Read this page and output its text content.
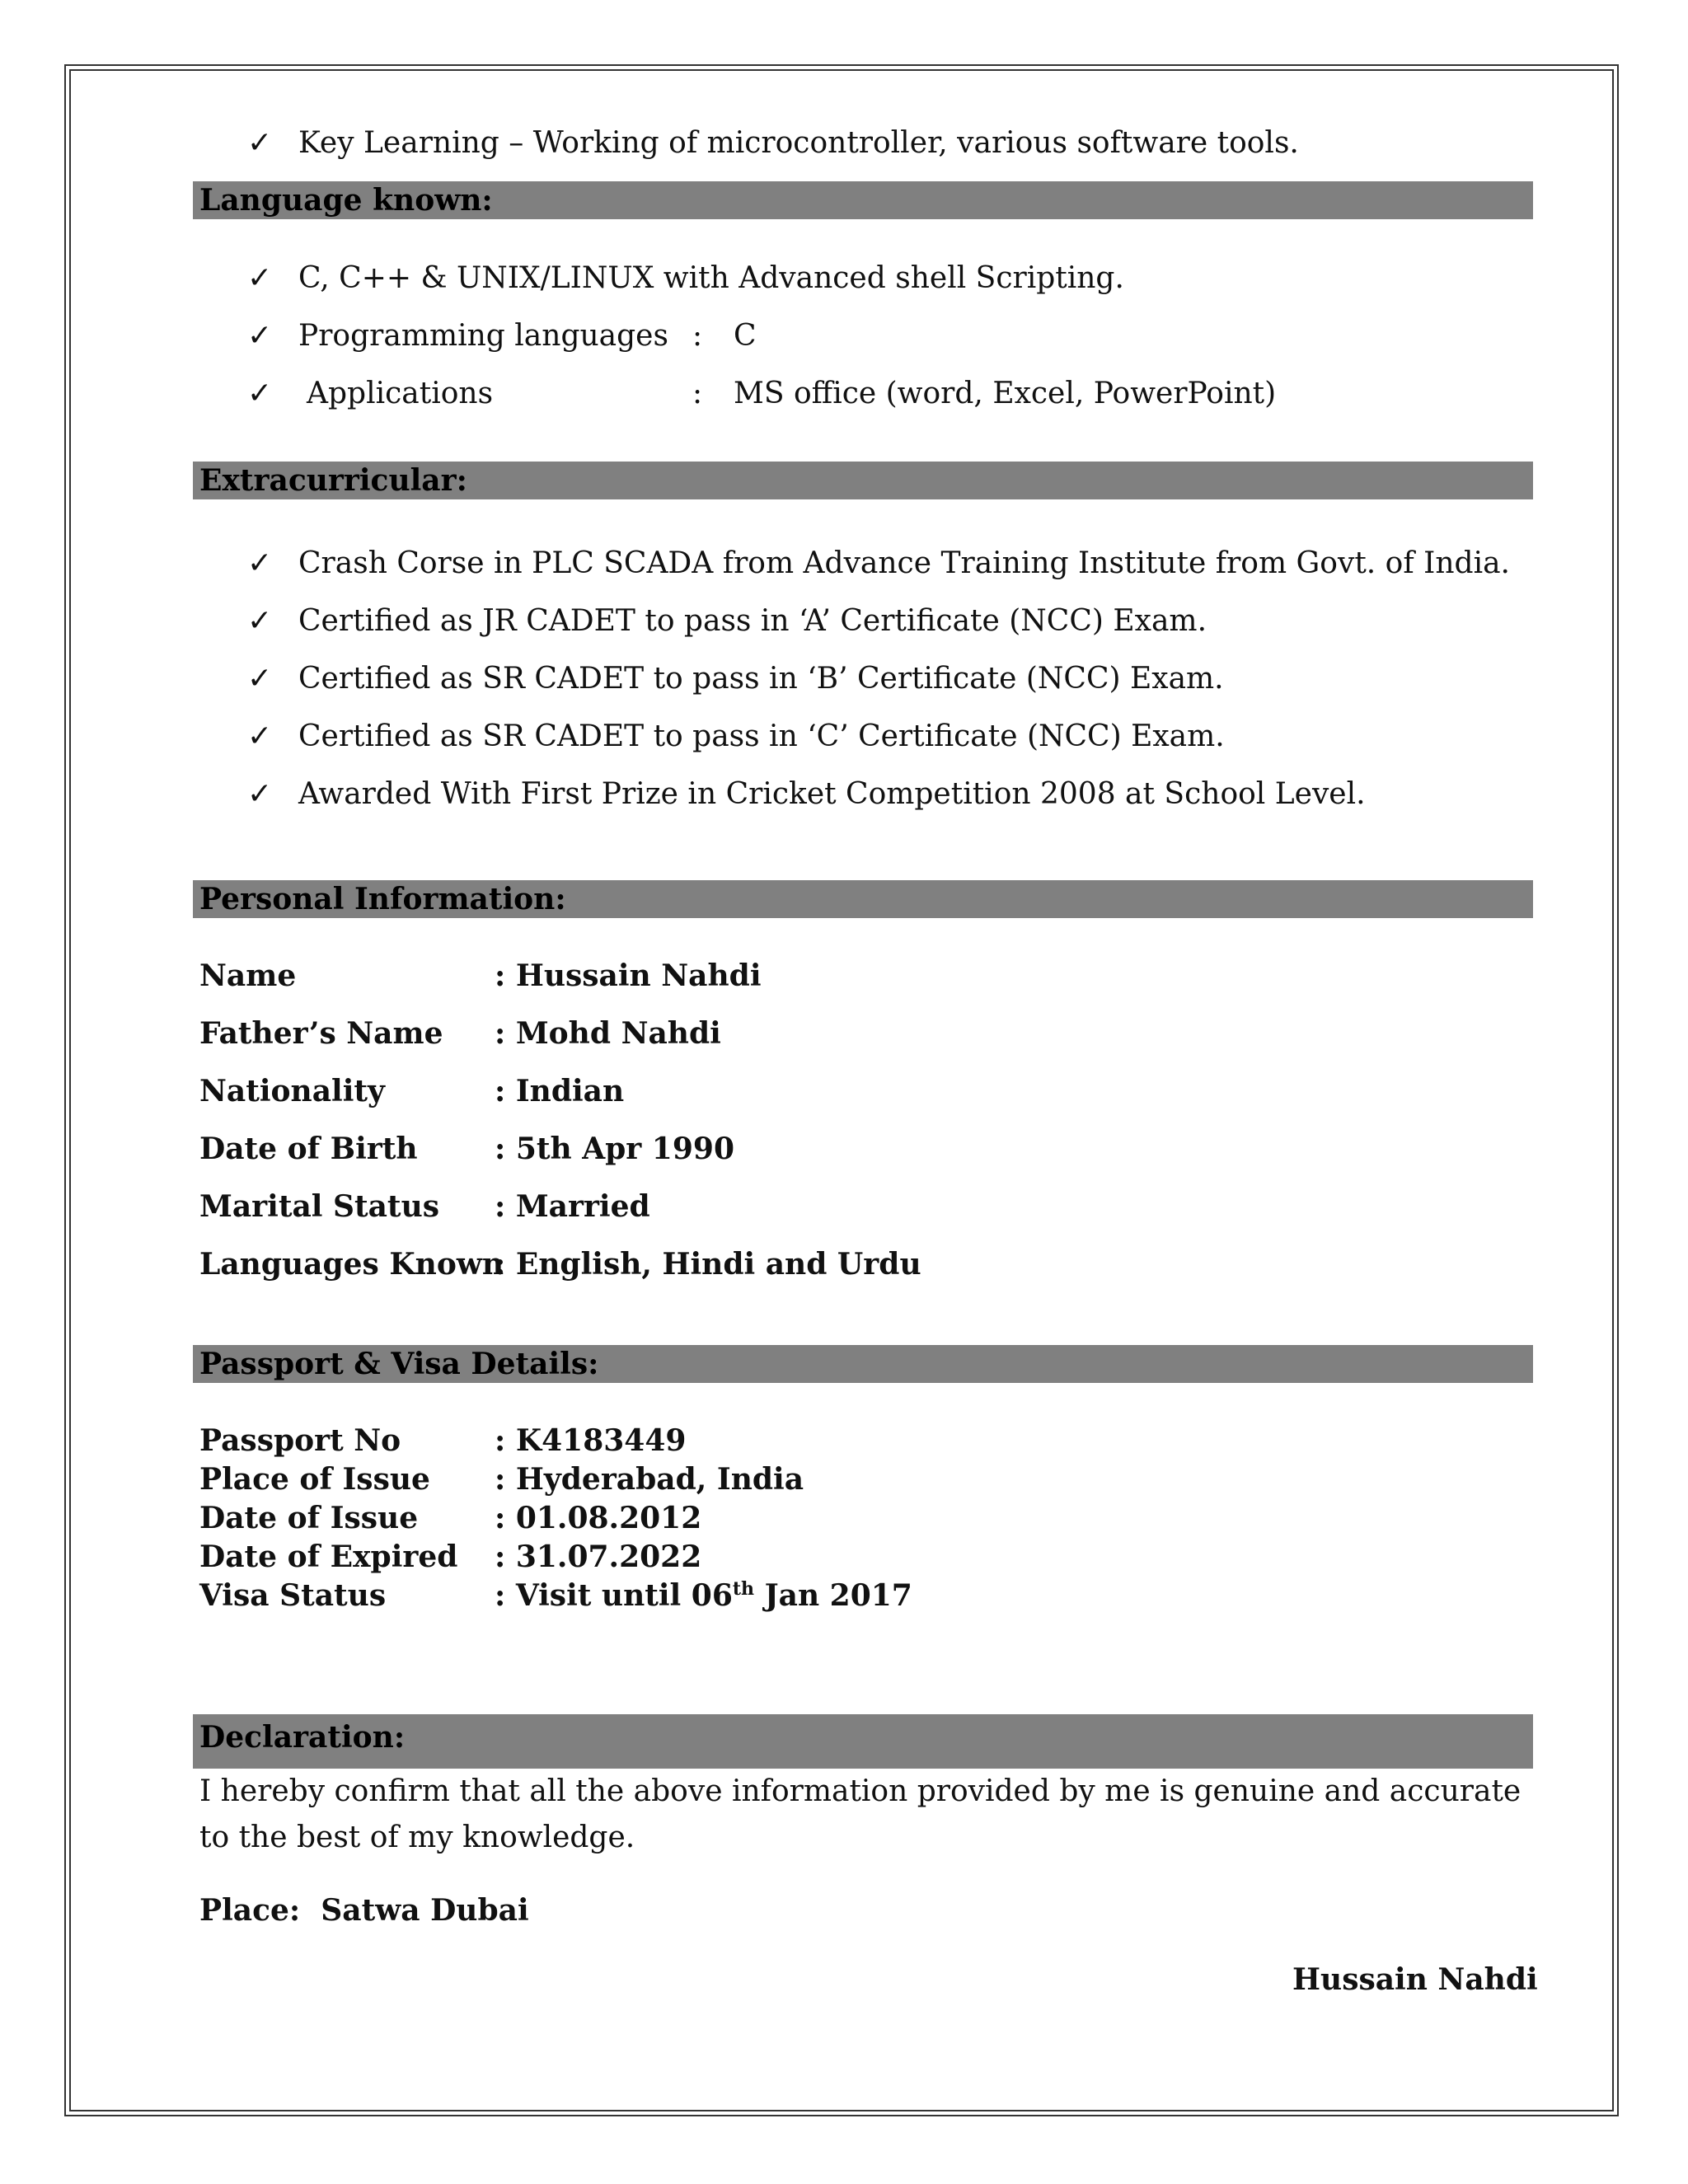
✓ Key Learning – Working of microcontroller, various software tools.
Language known:
✓ C, C++ & UNIX/LINUX with Advanced shell Scripting.
✓ Programming languages : C
✓ Applications	: MS office (word, Excel, PowerPoint)
Extracurricular:
✓ Crash Corse in PLC SCADA from Advance Training Institute from Govt. of India.
✓ Certified as JR CADET to pass in ‘A’ Certificate (NCC) Exam.
✓ Certified as SR CADET to pass in ‘B’ Certificate (NCC) Exam.
✓ Certified as SR CADET to pass in ‘C’ Certificate (NCC) Exam.
✓ Awarded With First Prize in Cricket Competition 2008 at School Level.
Personal Information:
Name	: Hussain Nahdi
Father’s Name : Mohd Nahdi
Nationality	: Indian
Date of Birth	: 5th Apr 1990
Marital Status : Married
Languages Known
: English, Hindi and Urdu
Passport & Visa Details:
Passport No	: K4183449
Place of Issue : Hyderabad, India
Date of Issue	: 01.08.2012
Date of Expired : 31.07.2022
Visa Status	: Visit until 06th Jan 2017
Declaration:
I hereby confirm that all the above information provided by me is genuine and accurate to the best of my knowledge.
Place: Satwa Dubai
Hussain Nahdi
